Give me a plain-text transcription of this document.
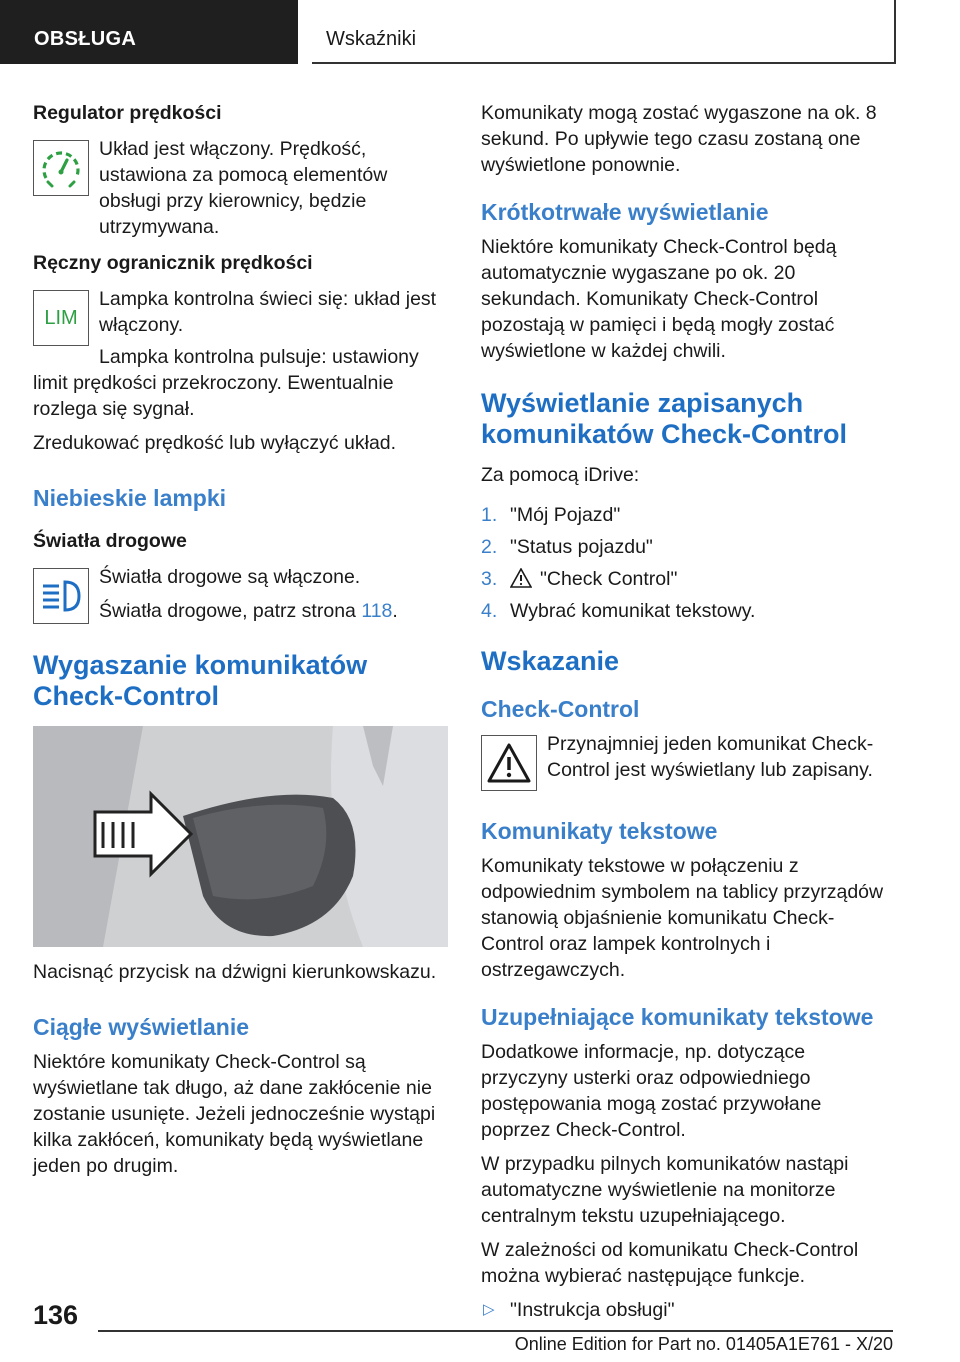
OBSŁUGA	Wskaźniki

Regulator prędkości

Układ jest włączony. Prędkość, ustawiona za pomocą elementów obsługi przy kierownicy, będzie utrzymywana.

Ręczny ogranicznik prędkości

LIM

Lampka kontrolna świeci się: układ jest włączony.

Lampka kontrolna pulsuje: ustawiony limit prędkości przekroczony. Ewentualnie rozlega się sygnał.

Zredukować prędkość lub wyłączyć układ.

Niebieskie lampki

Światła drogowe

Światła drogowe są włączone.

Światła drogowe, patrz strona 118.

Wygaszanie komunikatów Check-Control

Nacisnąć przycisk na dźwigni kierunkowskazu.

Ciągłe wyświetlanie

Niektóre komunikaty Check-Control są wyświetlane tak długo, aż dane zakłócenie nie zostanie usunięte. Jeżeli jednocześnie wystąpi kilka zakłóceń, komunikaty będą wyświetlane jeden po drugim.

Komunikaty mogą zostać wygaszone na ok. 8 sekund. Po upływie tego czasu zostaną one wyświetlone ponownie.

Krótkotrwałe wyświetlanie

Niektóre komunikaty Check-Control będą automatycznie wygaszane po ok. 20 sekundach. Komunikaty Check-Control pozostają w pamięci i będą mogły zostać wyświetlone w każdej chwili.

Wyświetlanie zapisanych komunikatów Check-Control

Za pomocą iDrive:

1. "Mój Pojazd"
2. "Status pojazdu"
3. "Check Control"
4. Wybrać komunikat tekstowy.
Wskazanie
Check-Control

Przynajmniej jeden komunikat Check-Control jest wyświetlany lub zapisany.

Komunikaty tekstowe

Komunikaty tekstowe w połączeniu z odpowiednim symbolem na tablicy przyrządów stanowią objaśnienie komunikatu Check-Control oraz lampek kontrolnych i ostrzegawczych.

Uzupełniające komunikaty tekstowe

Dodatkowe informacje, np. dotyczące przyczyny usterki oraz odpowiedniego postępowania mogą zostać przywołane poprzez Check-Control.

W przypadku pilnych komunikatów nastąpi automatyczne wyświetlenie na monitorze centralnym tekstu uzupełniającego.

W zależności od komunikatu Check-Control można wybierać następujące funkcje.

▷ "Instrukcja obsługi"
136
Online Edition for Part no. 01405A1E761 - X/20
